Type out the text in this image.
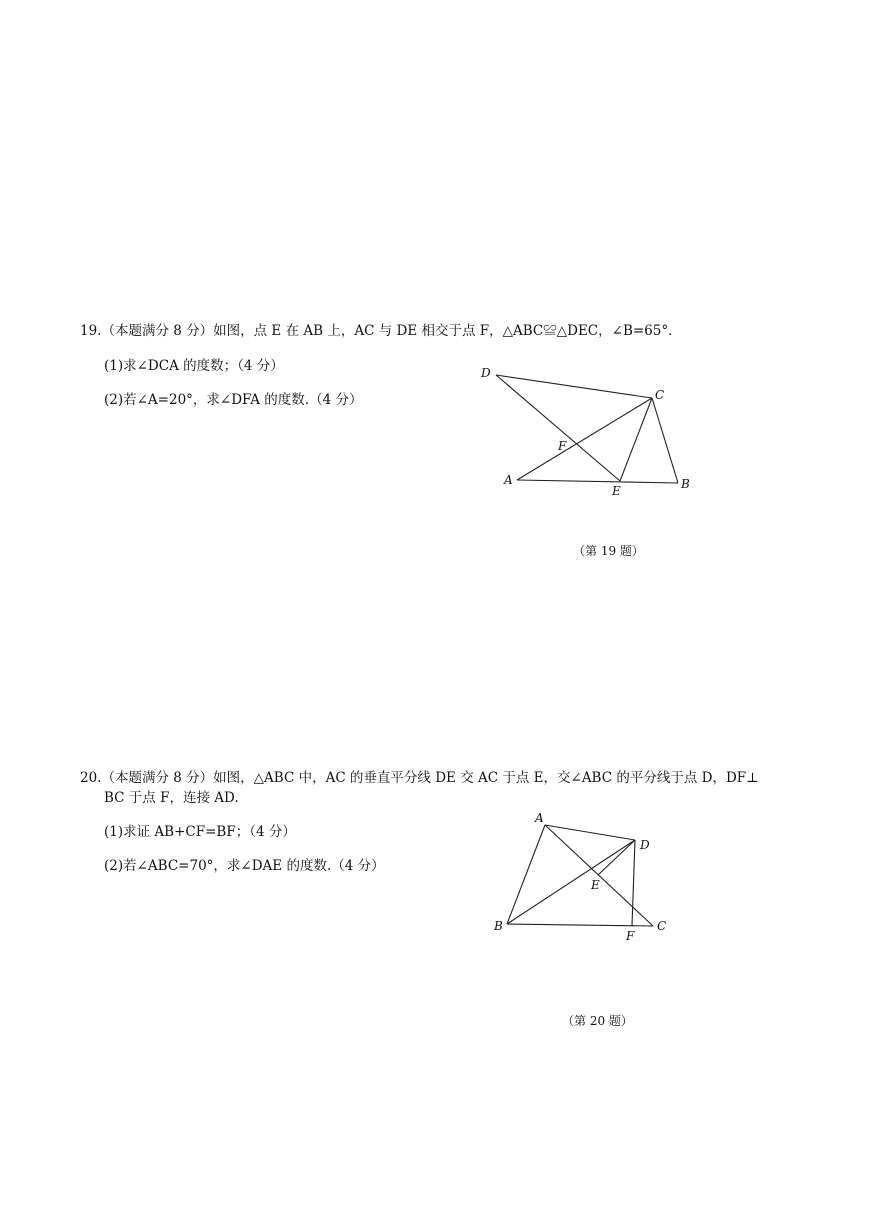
19.（本题满分 8 分）如图，点 E 在 AB 上，AC 与 DE 相交于点 F，△ABC≌△DEC，∠B=65°．
(1)求∠DCA 的度数；（4 分）
(2)若∠A=20°，求∠DFA 的度数.（4 分）
D
C
F
A
E	B
（第 19 题）
20.（本题满分 8 分）如图，△ABC 中，AC 的垂直平分线 DE 交 AC 于点 E，交∠ABC 的平分线于点 D，DF⊥
BC 于点 F，连接 AD.
(1)求证 AB+CF=BF；（4 分）
(2)若∠ABC=70°，求∠DAE 的度数.（4 分）
A
D
E
B
F
C
（第 20 题）
